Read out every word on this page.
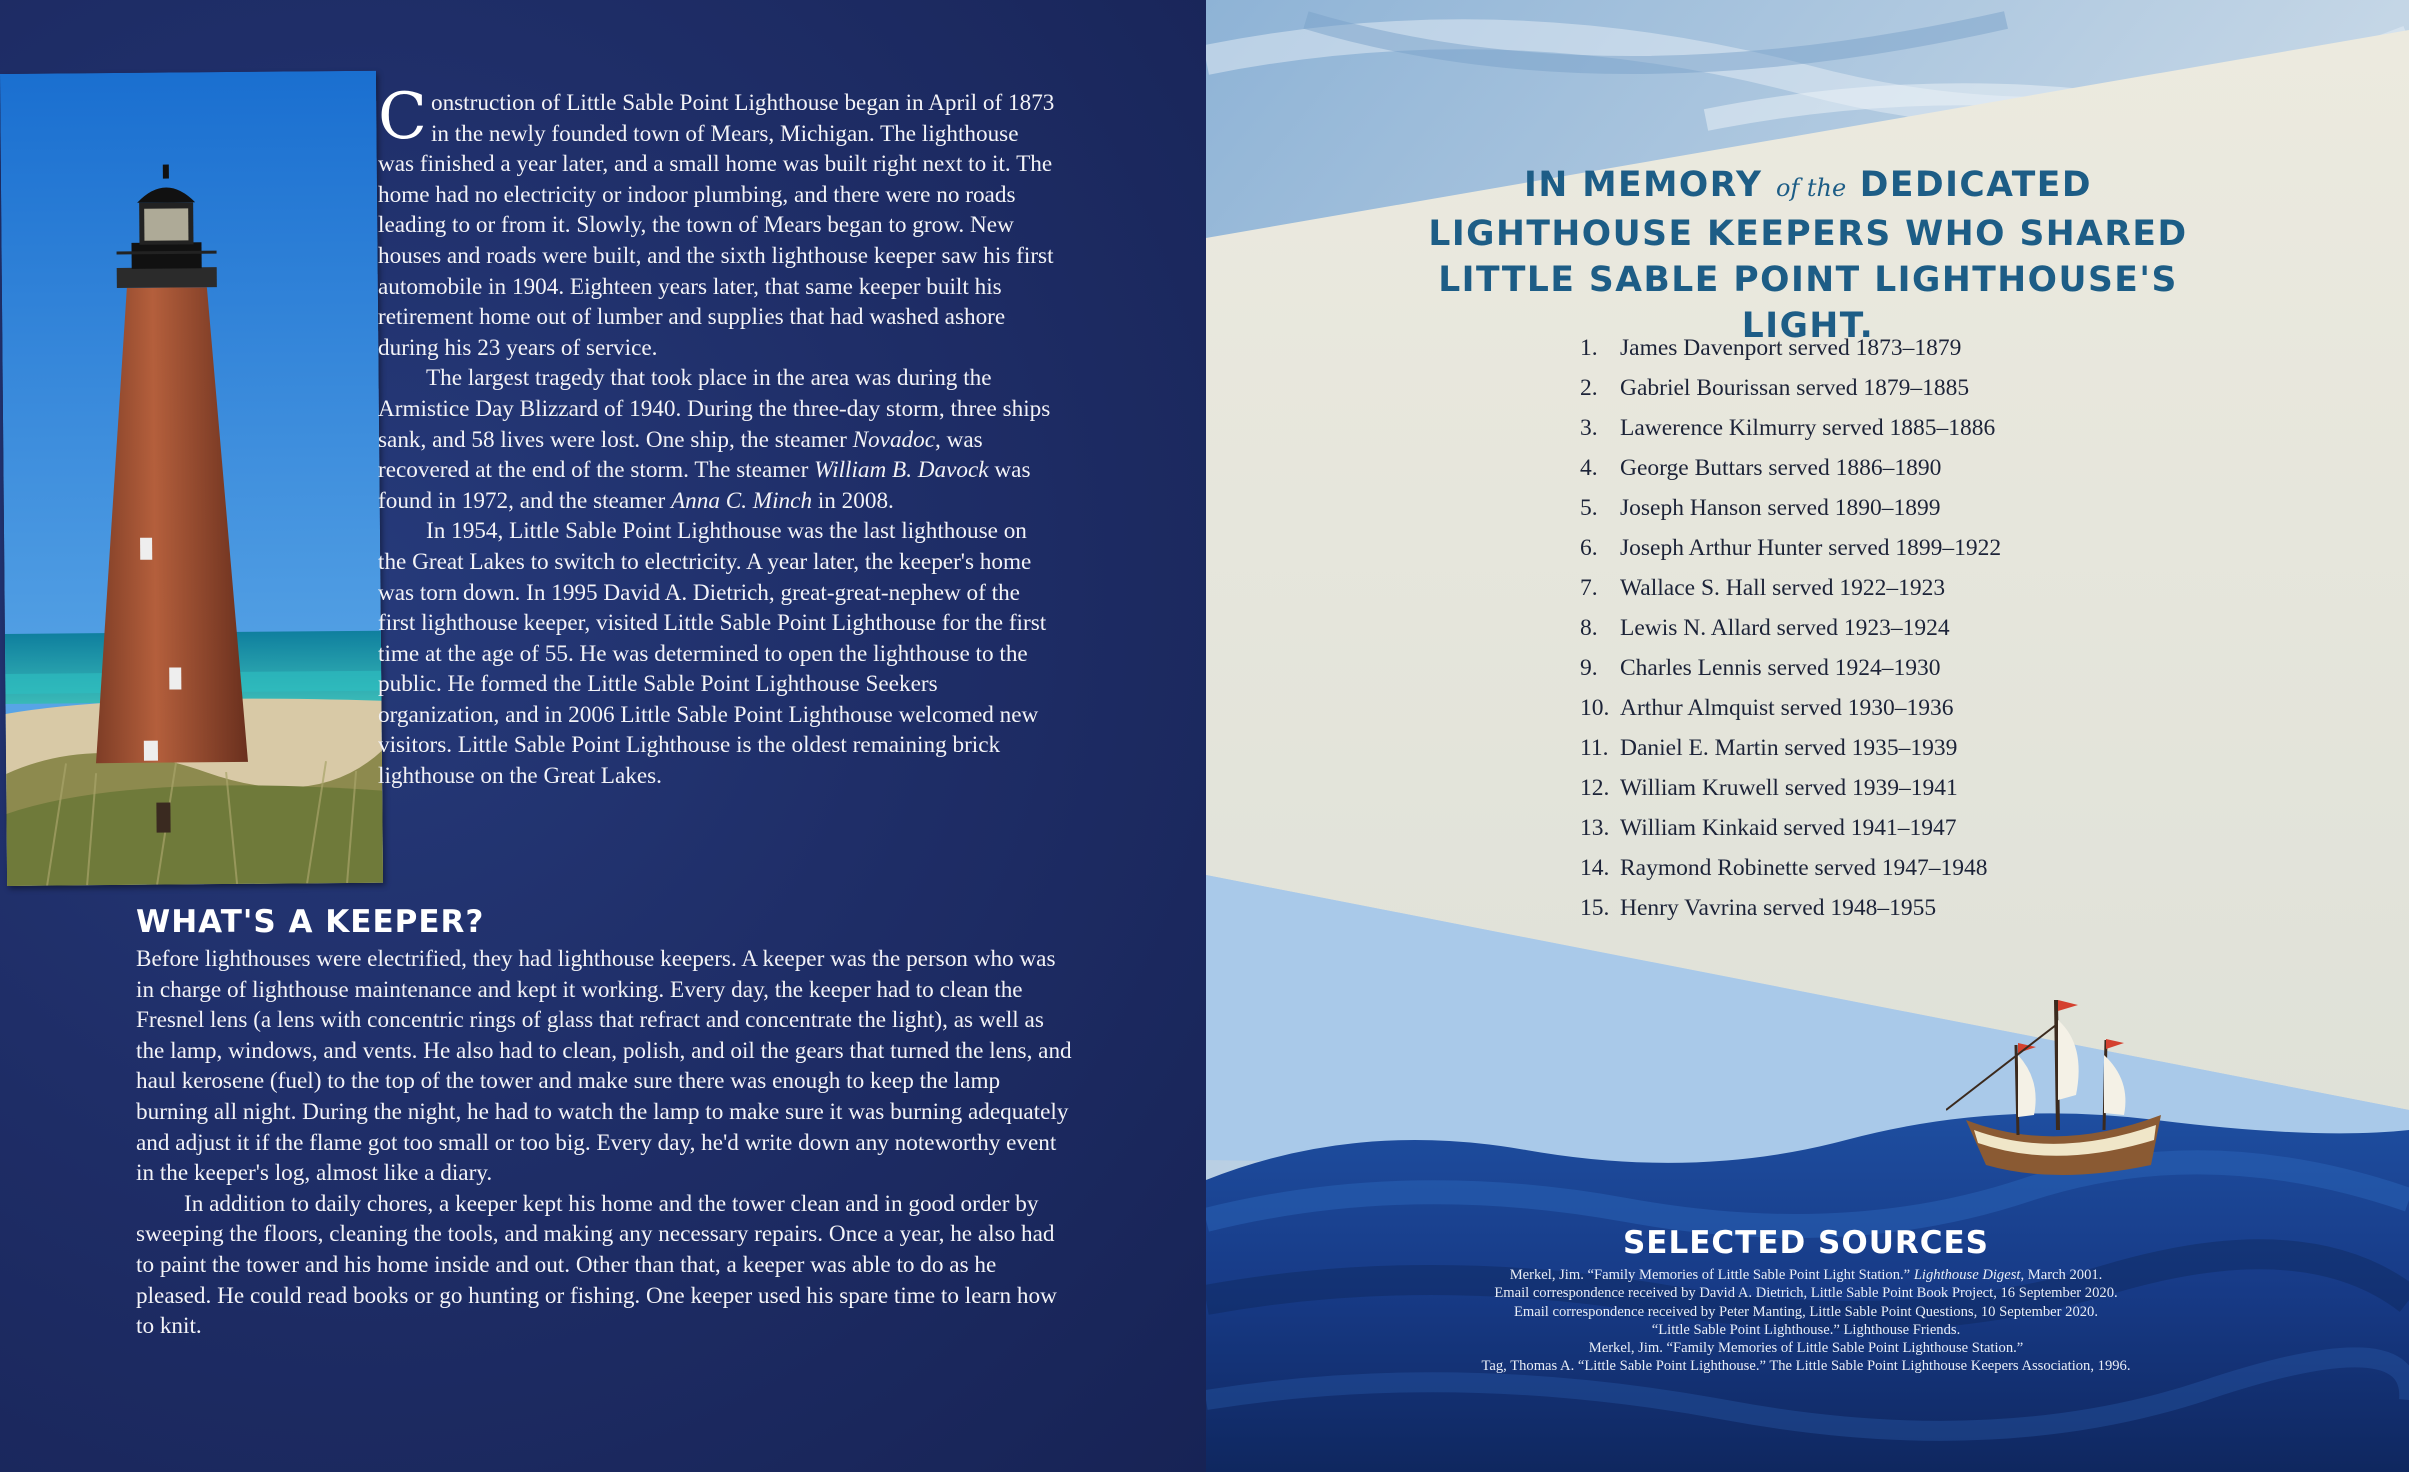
Construction of Little Sable Point Lighthouse began in April of 1873 in the newly founded town of Mears, Michigan. The lighthouse was finished a year later, and a small home was built right next to it. The home had no electricity or indoor plumbing, and there were no roads leading to or from it. Slowly, the town of Mears began to grow. New houses and roads were built, and the sixth lighthouse keeper saw his first automobile in 1904. Eighteen years later, that same keeper built his retirement home out of lumber and supplies that had washed ashore during his 23 years of service.

The largest tragedy that took place in the area was during the Armistice Day Blizzard of 1940. During the three-day storm, three ships sank, and 58 lives were lost. One ship, the steamer Novadoc, was recovered at the end of the storm. The steamer William B. Davock was found in 1972, and the steamer Anna C. Minch in 2008.

In 1954, Little Sable Point Lighthouse was the last lighthouse on the Great Lakes to switch to electricity. A year later, the keeper's home was torn down. In 1995 David A. Dietrich, great-great-nephew of the first lighthouse keeper, visited Little Sable Point Lighthouse for the first time at the age of 55. He was determined to open the lighthouse to the public. He formed the Little Sable Point Lighthouse Seekers organization, and in 2006 Little Sable Point Lighthouse welcomed new visitors. Little Sable Point Lighthouse is the oldest remaining brick lighthouse on the Great Lakes.

WHAT'S A KEEPER?

Before lighthouses were electrified, they had lighthouse keepers. A keeper was the person who was in charge of lighthouse maintenance and kept it working. Every day, the keeper had to clean the Fresnel lens (a lens with concentric rings of glass that refract and concentrate the light), as well as the lamp, windows, and vents. He also had to clean, polish, and oil the gears that turned the lens, and haul kerosene (fuel) to the top of the tower and make sure there was enough to keep the lamp burning all night. During the night, he had to watch the lamp to make sure it was burning adequately and adjust it if the flame got too small or too big. Every day, he'd write down any noteworthy event in the keeper's log, almost like a diary.

In addition to daily chores, a keeper kept his home and the tower clean and in good order by sweeping the floors, cleaning the tools, and making any necessary repairs. Once a year, he also had to paint the tower and his home inside and out. Other than that, a keeper was able to do as he pleased. He could read books or go hunting or fishing. One keeper used his spare time to learn how to knit.

IN MEMORY of the DEDICATED
LIGHTHOUSE KEEPERS WHO SHARED
LITTLE SABLE POINT LIGHTHOUSE'S LIGHT.
1. James Davenport served 1873–1879
2. Gabriel Bourissan served 1879–1885
3. Lawerence Kilmurry served 1885–1886
4. George Buttars served 1886–1890
5. Joseph Hanson served 1890–1899
6. Joseph Arthur Hunter served 1899–1922
7. Wallace S. Hall served 1922–1923
8. Lewis N. Allard served 1923–1924
9. Charles Lennis served 1924–1930
10. Arthur Almquist served 1930–1936
11. Daniel E. Martin served 1935–1939
12. William Kruwell served 1939–1941
13. William Kinkaid served 1941–1947
14. Raymond Robinette served 1947–1948
15. Henry Vavrina served 1948–1955
SELECTED SOURCES
Merkel, Jim. “Family Memories of Little Sable Point Light Station.” Lighthouse Digest, March 2001.
Email correspondence received by David A. Dietrich, Little Sable Point Book Project, 16 September 2020.
Email correspondence received by Peter Manting, Little Sable Point Questions, 10 September 2020.
“Little Sable Point Lighthouse.” Lighthouse Friends.
Merkel, Jim. “Family Memories of Little Sable Point Lighthouse Station.”
Tag, Thomas A. “Little Sable Point Lighthouse.” The Little Sable Point Lighthouse Keepers Association, 1996.
